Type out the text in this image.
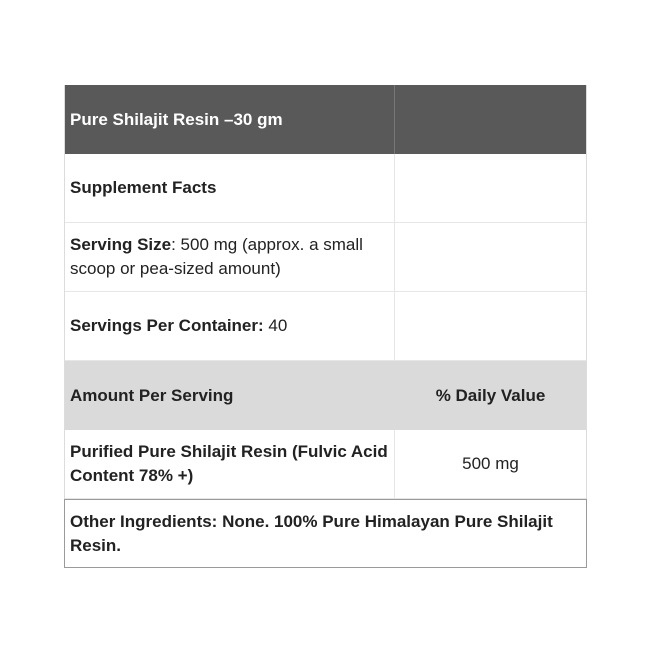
Pure Shilajit Resin –30 gm
Supplement Facts
Serving Size: 500 mg (approx. a small scoop or pea-sized amount)
Servings Per Container: 40
Amount Per Serving	% Daily Value
Purified Pure Shilajit Resin (Fulvic Acid Content 78% +)
500 mg
Other Ingredients: None. 100% Pure Himalayan Pure Shilajit Resin.
